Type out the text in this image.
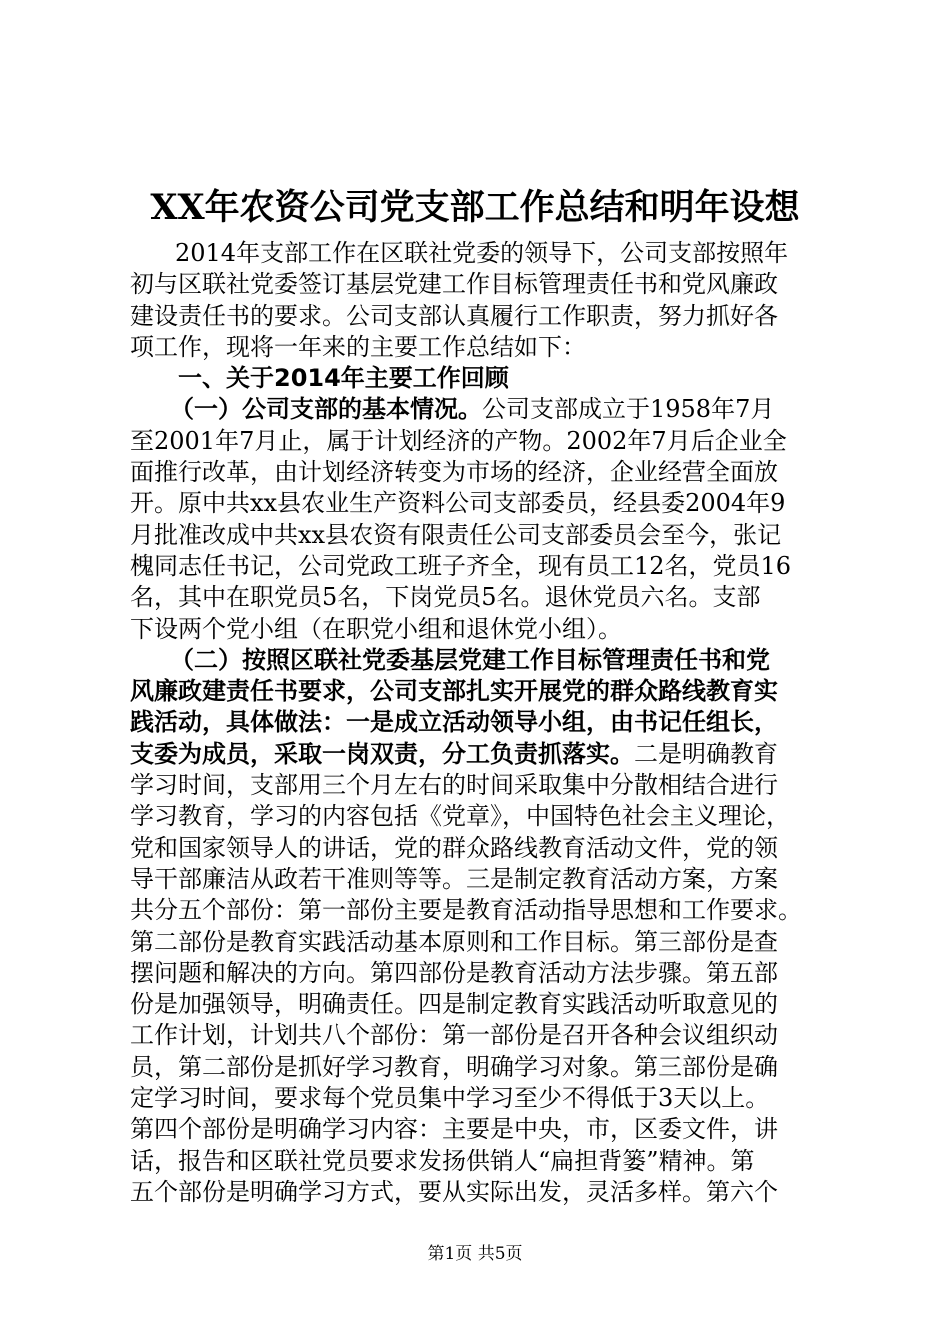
XX年农资公司党支部工作总结和明年设想
2014年支部工作在区联社党委的领导下，公司支部按照年
初与区联社党委签订基层党建工作目标管理责任书和党风廉政
建设责任书的要求。公司支部认真履行工作职责，努力抓好各
项工作，现将一年来的主要工作总结如下：
一、关于2014年主要工作回顾
（一）公司支部的基本情况。公司支部成立于1958年7月
至2001年7月止，属于计划经济的产物。2002年7月后企业全
面推行改革，由计划经济转变为市场的经济，企业经营全面放
开。原中共xx县农业生产资料公司支部委员，经县委2004年9
月批准改成中共xx县农资有限责任公司支部委员会至今，张记
槐同志任书记，公司党政工班子齐全，现有员工12名，党员16
名，其中在职党员5名，下岗党员5名。退休党员六名。支部
下设两个党小组（在职党小组和退休党小组）。
（二）按照区联社党委基层党建工作目标管理责任书和党
风廉政建责任书要求，公司支部扎实开展党的群众路线教育实
践活动，具体做法：一是成立活动领导小组，由书记任组长，
支委为成员，采取一岗双责，分工负责抓落实。二是明确教育
学习时间，支部用三个月左右的时间采取集中分散相结合进行
学习教育，学习的内容包括《党章》，中国特色社会主义理论，
党和国家领导人的讲话，党的群众路线教育活动文件，党的领
导干部廉洁从政若干准则等等。三是制定教育活动方案，方案
共分五个部份：第一部份主要是教育活动指导思想和工作要求。
第二部份是教育实践活动基本原则和工作目标。第三部份是查
摆问题和解决的方向。第四部份是教育活动方法步骤。第五部
份是加强领导，明确责任。四是制定教育实践活动听取意见的
工作计划，计划共八个部份：第一部份是召开各种会议组织动
员，第二部份是抓好学习教育，明确学习对象。第三部份是确
定学习时间，要求每个党员集中学习至少不得低于3天以上。
第四个部份是明确学习内容：主要是中央，市，区委文件，讲
话，报告和区联社党员要求发扬供销人“扁担背篓”精神。第
五个部份是明确学习方式，要从实际出发，灵活多样。第六个
第1页 共5页
